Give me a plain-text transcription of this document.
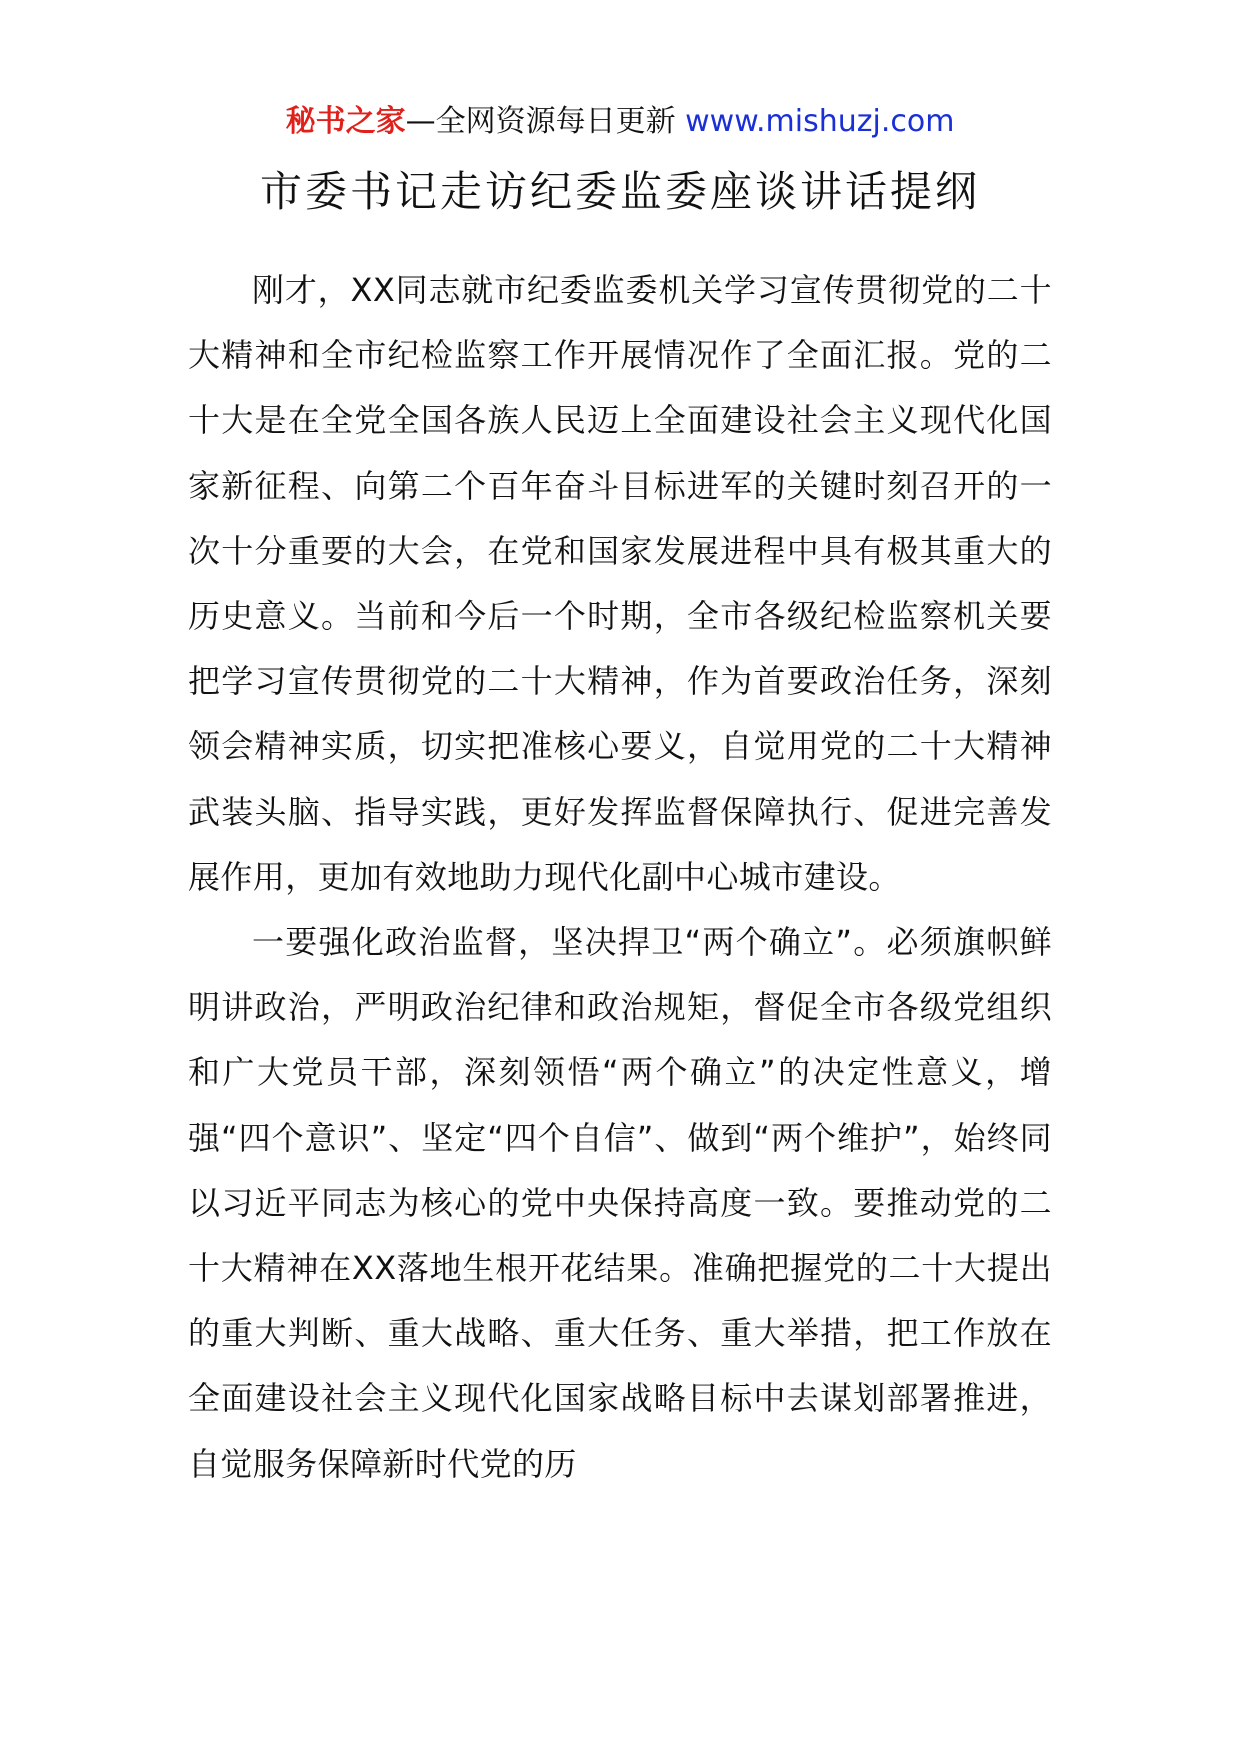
秘书之家—全网资源每日更新 www.mishuzj.com
市委书记走访纪委监委座谈讲话提纲

刚才，XX同志就市纪委监委机关学习宣传贯彻党的二十大精神和全市纪检监察工作开展情况作了全面汇报。党的二十大是在全党全国各族人民迈上全面建设社会主义现代化国家新征程、向第二个百年奋斗目标进军的关键时刻召开的一次十分重要的大会，在党和国家发展进程中具有极其重大的历史意义。当前和今后一个时期，全市各级纪检监察机关要把学习宣传贯彻党的二十大精神，作为首要政治任务，深刻领会精神实质，切实把准核心要义，自觉用党的二十大精神武装头脑、指导实践，更好发挥监督保障执行、促进完善发展作用，更加有效地助力现代化副中心城市建设。

一要强化政治监督，坚决捍卫“两个确立”。必须旗帜鲜明讲政治，严明政治纪律和政治规矩，督促全市各级党组织和广大党员干部，深刻领悟“两个确立”的决定性意义，增强“四个意识”、坚定“四个自信”、做到“两个维护”，始终同以习近平同志为核心的党中央保持高度一致。要推动党的二十大精神在XX落地生根开花结果。准确把握党的二十大提出的重大判断、重大战略、重大任务、重大举措，把工作放在全面建设社会主义现代化国家战略目标中去谋划部署推进，自觉服务保障新时代党的历
